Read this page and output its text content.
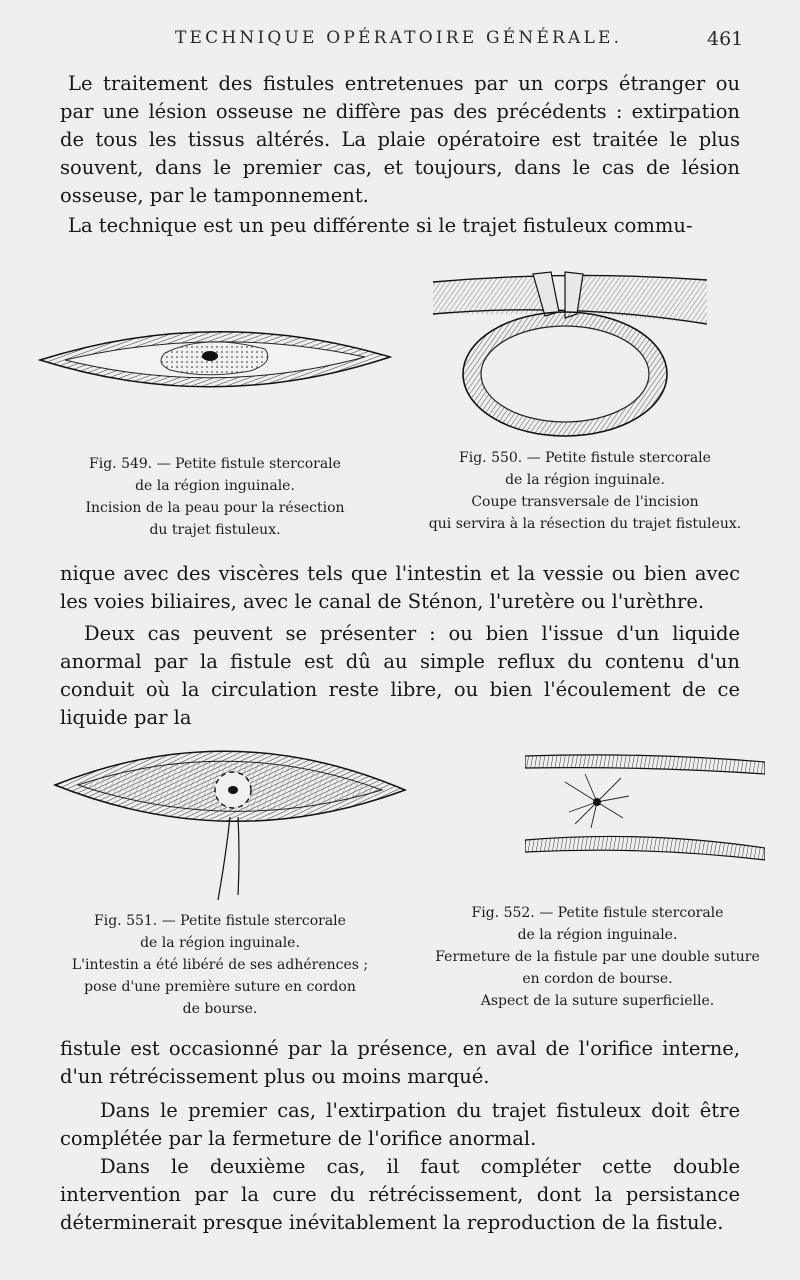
TECHNIQUE OPÉRATOIRE GÉNÉRALE.	461

Le traitement des fistules entretenues par un corps étranger ou par une lésion osseuse ne diffère pas des précédents : extirpation de tous les tissus altérés. La plaie opératoire est traitée le plus souvent, dans le premier cas, et toujours, dans le cas de lésion osseuse, par le tamponnement.

La technique est un peu différente si le trajet fistuleux commu-

Fig. 549. — Petite fistule stercorale
de la région inguinale.
Incision de la peau pour la résection
du trajet fistuleux.
Fig. 550. — Petite fistule stercorale
de la région inguinale.
Coupe transversale de l'incision
qui servira à la résection du trajet fistuleux.

nique avec des viscères tels que l'intestin et la vessie ou bien avec les voies biliaires, avec le canal de Sténon, l'uretère ou l'urèthre.

Deux cas peuvent se présenter : ou bien l'issue d'un liquide anormal par la fistule est dû au simple reflux du contenu d'un conduit où la circulation reste libre, ou bien l'écoulement de ce liquide par la

Fig. 551. — Petite fistule stercorale
de la région inguinale.
L'intestin a été libéré de ses adhérences ;
pose d'une première suture en cordon
de bourse.
Fig. 552. — Petite fistule stercorale
de la région inguinale.
Fermeture de la fistule par une double suture
en cordon de bourse.
Aspect de la suture superficielle.

fistule est occasionné par la présence, en aval de l'orifice interne, d'un rétrécissement plus ou moins marqué.

Dans le premier cas, l'extirpation du trajet fistuleux doit être complétée par la fermeture de l'orifice anormal.

Dans le deuxième cas, il faut compléter cette double intervention par la cure du rétrécissement, dont la persistance déterminerait presque inévitablement la reproduction de la fistule.
